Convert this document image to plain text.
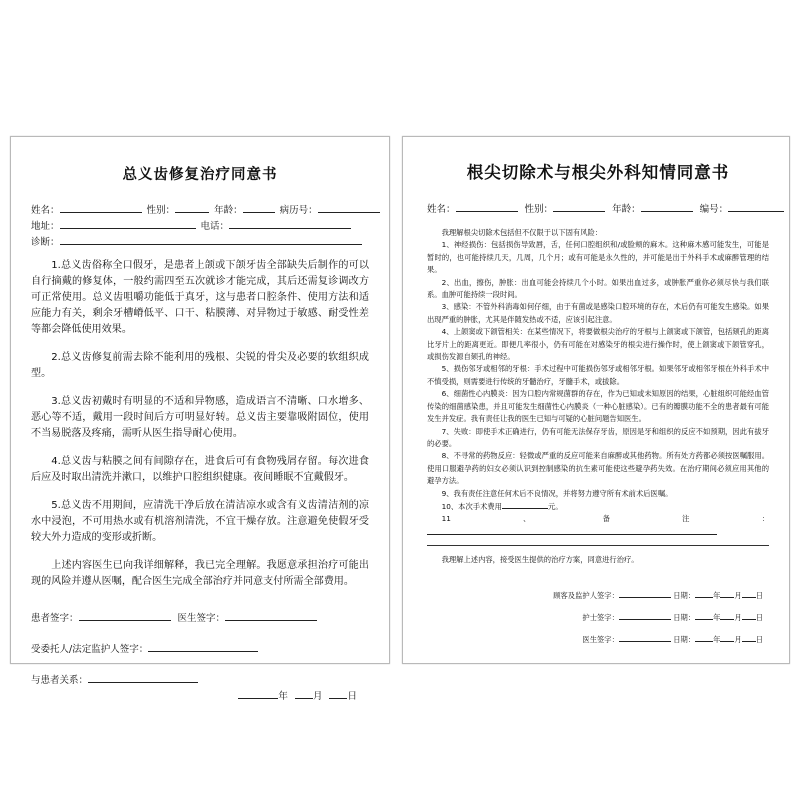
总义齿修复治疗同意书
姓名：	性别：	年龄：	病历号：
地址：	电话：
诊断：

1.总义齿俗称全口假牙，是患者上颌或下颌牙齿全部缺失后制作的可以自行摘戴的修复体，一般约需四至五次就诊才能完成，其后还需复诊调改方可正常使用。总义齿咀嚼功能低于真牙，这与患者口腔条件、使用方法和适应能力有关，剩余牙槽嵴低平、口干、粘膜薄、对异物过于敏感、耐受性差等都会降低使用效果。

2.总义齿修复前需去除不能利用的残根、尖锐的骨尖及必要的软组织成型。

3.总义齿初戴时有明显的不适和异物感，造成语言不清晰、口水增多、恶心等不适，戴用一段时间后方可明显好转。总义齿主要靠吸附固位，使用不当易脱落及疼痛，需听从医生指导耐心使用。

4.总义齿与粘膜之间有间隙存在，进食后可有食物残屑存留。每次进食后应及时取出清洗并漱口，以维护口腔组织健康。夜间睡眠不宜戴假牙。

5.总义齿不用期间，应清洗干净后放在清洁凉水或含有义齿清洁剂的凉水中浸泡，不可用热水或有机溶剂清洗，不宜干燥存放。注意避免使假牙受较大外力造成的变形或折断。

上述内容医生已向我详细解释，我已完全理解。我愿意承担治疗可能出现的风险并遵从医嘱，配合医生完成全部治疗并同意支付所需全部费用。

患者签字：	医生签字：
受委托人/法定监护人签字：
与患者关系：
年	月	日
根尖切除术与根尖外科知情同意书
姓名：	性别：	年龄：	编号：

我理解根尖切除术包括但不仅限于以下固有风险：

1、神经损伤：包括损伤导致唇，舌，任何口腔组织和/或脸颊的麻木。这种麻木感可能发生，可能是暂时的，也可能持续几天，几周，几个月；或有可能是永久性的，并可能是出于外科手术或麻醉管理的结果。

2、出血，擦伤，肿胀：出血可能会持续几个小时。如果出血过多，或肿胀严重你必须尽快与我们联系。血肿可能持续一段时间。

3、感染：不管外科消毒如何仔细，由于有菌或是感染口腔环境的存在，术后仍有可能发生感染。如果出现严重的肿胀，尤其是伴随发热或不适，应该引起注意。

4、上颌窦或下颌管相关：在某些情况下，将要做根尖治疗的牙根与上颌窦或下颌管，包括颏孔的距离比牙片上的距离更近。即便几率很小，仍有可能在对感染牙的根尖进行操作时，使上颌窦或下颌管穿孔，或损伤发源自颏孔的神经。

5、损伤邻牙或相邻的牙根：手术过程中可能损伤邻牙或相邻牙根。如果邻牙或相邻牙根在外科手术中不慎受损，则需要进行传统的牙髓治疗，牙髓手术，或拔除。

6、细菌性心内膜炎：因为口腔内常规菌群的存在，作为已知或未知原因的结果，心脏组织可能经血管传染的细菌感染患，并且可能发生细菌性心内膜炎（一种心脏感染）。已有的瓣膜功能不全的患者最有可能发生并发症。我有责任让我的医生已知与可疑的心脏问题告知医生。

7、失败：即使手术正确进行，仍有可能无法保存牙齿，原因是牙和组织的反应不如预期，因此有拔牙的必要。

8、不寻常的药物反应：轻微或严重的反应可能来自麻醉或其他药物。所有处方药都必须按医嘱服用。使用口服避孕药的妇女必须认识到控制感染的抗生素可能使这些避孕药失效。在治疗期间必须应用其他的避孕方法。

9、我有责任注意任何术后不良情况，并将努力遵守所有术前术后医嘱。

10、本次手术费用	元。

11、备注：

我理解上述内容，接受医生提供的治疗方案，同意进行治疗。

顾客及监护人签字：	日期： 年 月 日
护士签字：	日期： 年 月 日
医生签字：	日期： 年 月 日
